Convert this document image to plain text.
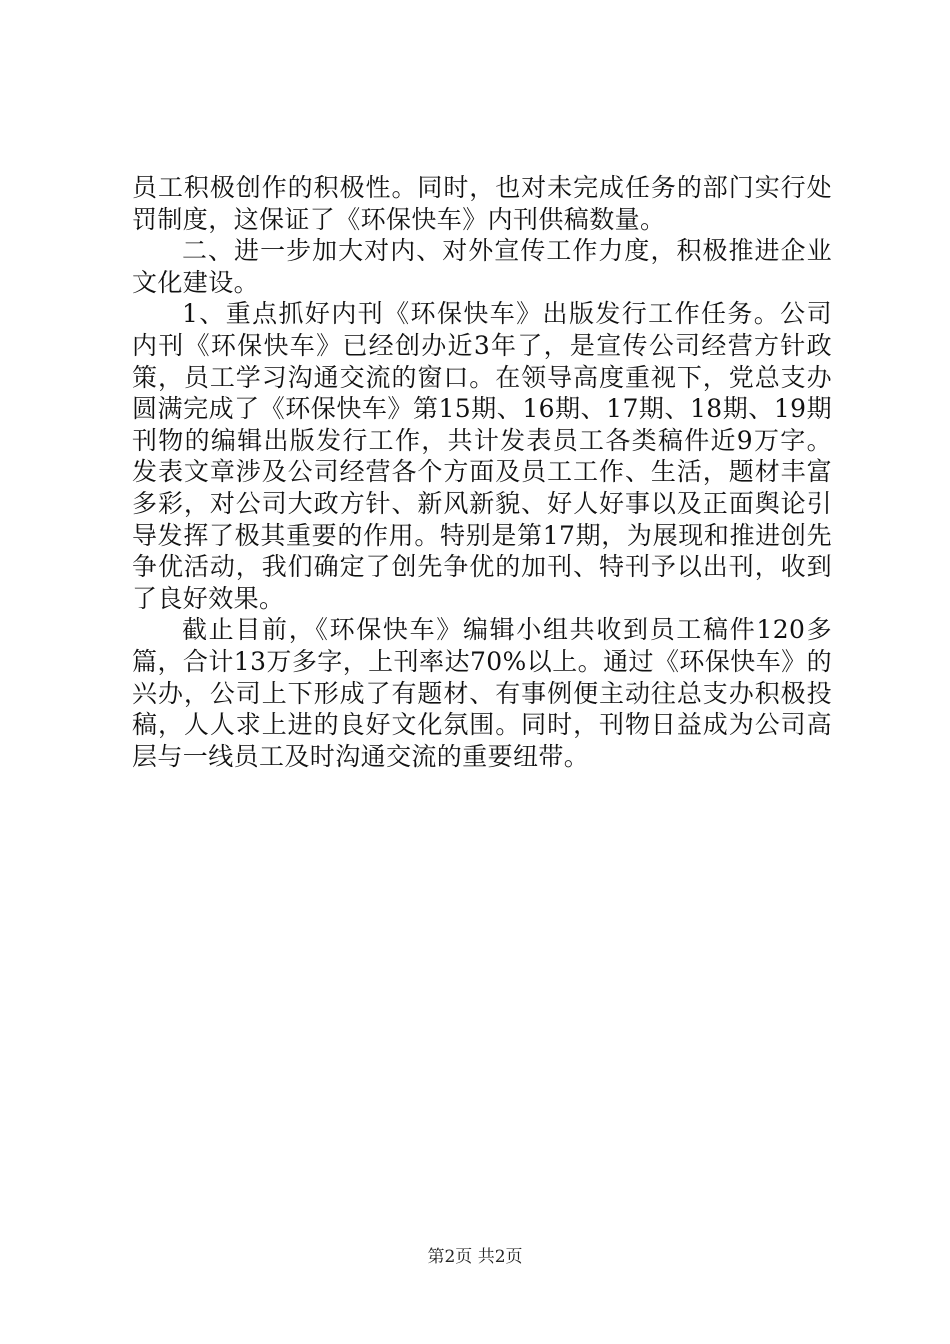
员工积极创作的积极性。同时，也对未完成任务的部门实行处罚制度，这保证了《环保快车》内刊供稿数量。

二、进一步加大对内、对外宣传工作力度，积极推进企业文化建设。

1、重点抓好内刊《环保快车》出版发行工作任务。公司内刊《环保快车》已经创办近3年了，是宣传公司经营方针政策，员工学习沟通交流的窗口。在领导高度重视下，党总支办圆满完成了《环保快车》第15期、16期、17期、18期、19期刊物的编辑出版发行工作，共计发表员工各类稿件近9万字。发表文章涉及公司经营各个方面及员工工作、生活，题材丰富多彩，对公司大政方针、新风新貌、好人好事以及正面舆论引导发挥了极其重要的作用。特别是第17期，为展现和推进创先争优活动，我们确定了创先争优的加刊、特刊予以出刊，收到了良好效果。

截止目前，《环保快车》编辑小组共收到员工稿件120多篇，合计13万多字，上刊率达70%以上。通过《环保快车》的兴办，公司上下形成了有题材、有事例便主动往总支办积极投稿，人人求上进的良好文化氛围。同时，刊物日益成为公司高层与一线员工及时沟通交流的重要纽带。

第2页 共2页
